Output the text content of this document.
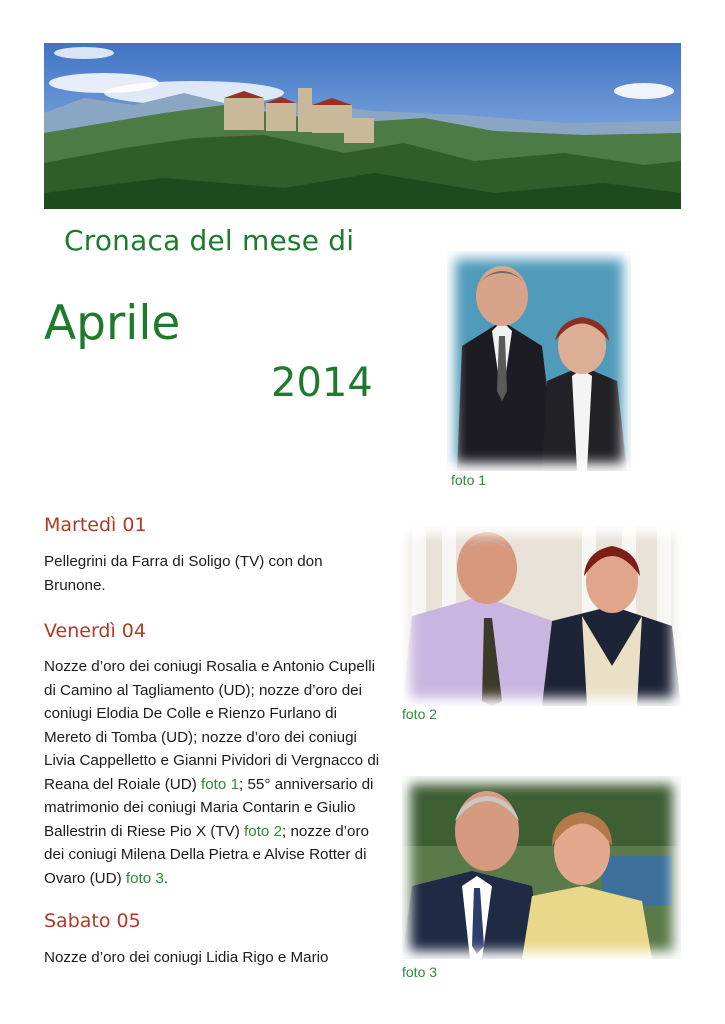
Cronaca del mese di
Aprile
2014

foto 1

foto 2

foto 3

Martedì 01

Pellegrini da Farra di Soligo (TV) con don Brunone.

Venerdì 04

Nozze d’oro dei coniugi Rosalia e Antonio Cupelli di Camino al Tagliamento (UD); nozze d’oro dei coniugi Elodia De Colle e Rienzo Furlano di Mereto di Tomba (UD); nozze d’oro dei coniugi Livia Cappelletto e Gianni Pividori di Vergnacco di Reana del Roiale (UD) foto 1; 55° anniversario di matrimonio dei coniugi Maria Contarin e Giulio Ballestrin di Riese Pio X (TV) foto 2; nozze d’oro dei coniugi Milena Della Pietra e Alvise Rotter di Ovaro (UD) foto 3.

Sabato 05

Nozze d’oro dei coniugi Lidia Rigo e Mario
